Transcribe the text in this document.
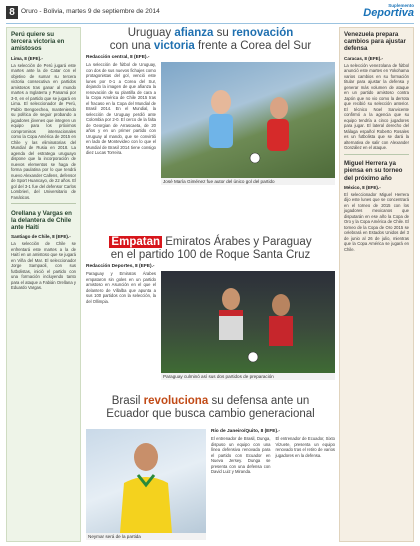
8 Oruro - Bolivia, martes 9 de septiembre de 2014
Suplemento
Deportiva
Perú quiere su tercera victoria en amistosos
Lima, 8 (EFE).-
La selección de Perú jugará este martes ante la de Catar con el objetivo de sumar su tercera victoria consecutiva en partidos amistosos tras ganar al mundo martes a Inglaterra y Panamá por 3-0, en el partido que se jugará en Lima. El seleccionador de Perú, Pablo Bengoechea, manteniendo su política de seguir probando a jugadores jóvenes que integren un equipo para los próximos compromisos internacionales como la Copa América de 2015 en Chile y las eliminatorias del Mundial de Rusia en 2018. La agenda del estratega uruguayo dispone que la incorporación de nuevos elementos se haga de forma paulatina por lo que tendrá nuevo Alexander Callens, defensor de Sport Huancayo, de 22 años. El gol del 3-1 fue del defensor Carlos Lombrieri, del Universitario de Fanáticos.
Orellana y Vargas en la delantera de Chile ante Haití
Santiago de Chile, 8 (EFE).-
La selección de Chile se enfrentará este martes a la de Haití en un amistoso que se jugará en Viña del Mar. El seleccionador Jorge Sampaoli, con sus futbolistas, inició el partido con una formación incluyendo tanto para el ataque a Fabián Orellana y Eduardo Vargas.
Venezuela prepara cambios para ajustar defensa
Caracas, 8 (EFE).-
La selección venezolana de fútbol anunció este martes en Yokohama varios cambios en su formación titular para ajustar la defensa y generar más volumen de ataque en un partido amistoso contra Japón que no vio como la derrota que recibió su selección anterior. El técnico Noel Sanvicente confirmó a la agencia que su equipo tendría a cinco jugadores para jugar. El lateral derecho del Málaga español Roberto Rosales es un futbolista que se dará la alternativa de salir con Alexander González en el ataque.
Miguel Herrera ya piensa en su torneo del próximo año
México, 8 (EFE).-
El seleccionador Miguel Herrera dijo este lunes que se concentrará en el torneo de 2015 con los jugadores mexicanos que disputarán en ese año la Copa de Oro y la Copa América de Chile. El torneo de la Copa de Oro 2015 se celebrará en Estados Unidos del 3 de junio al 26 de julio, mientras que la Copa América se jugará en Chile.
Uruguay afianza su renovación
con una victoria frente a Corea del Sur
Redacción central, 8 (EFE).-
La selección de fútbol de Uruguay, con dos de sus nuevos fichajes como protagonistas del gol, venció este lunes por 0-1 a Corea del Sur, dejando la imagen de que afianza la renovación de su plantilla de cara a la Copa América de Chile 2015 tras el fracaso en la Copa del Mundial de Brasil 2014. En el Mundial, la selección de Uruguay perdió ante Colombia por 2-0. El cerco de la falta de Georgian de Arrascaeta, de 20 años y en un primer partido con Uruguay al mando, que se convirtió en lado de Montevideo con lo que el Mundial de Brasil 2014 tiene consigo diez Lucas Torreira.
José María Giménez fue autor del único gol del partido
Empatan Emiratos Árabes y Paraguay
en el partido 100 de Roque Santa Cruz
Redacción Deportes, 8 (EFE).-
Paraguay y Emiratos Árabes empataron sin goles en un partido amistoso en Asunción en el que el delantero de Villalba que apunta a sus 100 partidos con la selección, la del Ollimpia.
Paraguay culminó así sus dos partidos de preparación
Brasil revoluciona su defensa ante un
Ecuador que busca cambio generacional
Río de Janeiro/Quito, 8 (EFE).-
El entrenador de Brasil, Dunga, dispuso un equipo con una línea defensiva renovada para el partido con Ecuador en Nueva Jersey. Dunga se presenta con una defensa con David Luiz y Miranda.
El entrenador de Ecuador, Sixto Vizuete, presenta un equipo renovado tras el retiro de varios jugadores en la defensa.
Neymar será de la partida
